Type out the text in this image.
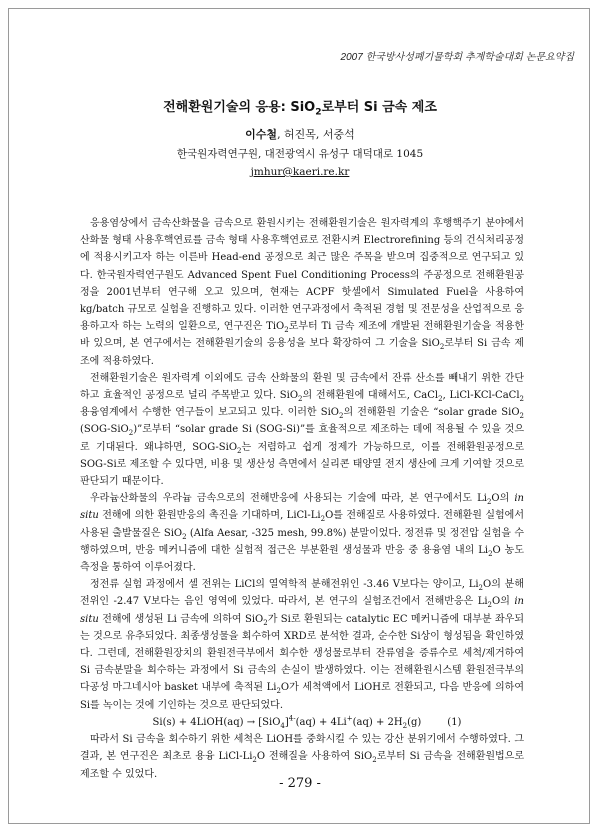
2007 한국방사성폐기물학회 추계학술대회 논문요약집
전해환원기술의 응용: SiO$_2$로부터 Si 금속 제조
이수철, 허진목, 서중석
한국원자력연구원, 대전광역시 유성구 대덕대로 1045
jmhur@kaeri.re.kr

응용염상에서 금속산화물을 금속으로 환원시키는 전해환원기술은 원자력계의 후행핵주기 분야에서 산화물 형태 사용후핵연료를 금속 형태 사용후핵연료로 전환시켜 Electrorefining 등의 건식처리공정에 적용시키고자 하는 이른바 Head-end 공정으로 최근 많은 주목을 받으며 집중적으로 연구되고 있다. 한국원자력연구원도 Advanced Spent Fuel Conditioning Process의 주공정으로 전해환원공정을 2001년부터 연구해 오고 있으며, 현재는 ACPF 핫셀에서 Simulated Fuel을 사용하여 kg/batch 규모로 실험을 진행하고 있다. 이러한 연구과정에서 축적된 경험 및 전문성을 산업적으로 응용하고자 하는 노력의 일환으로, 연구진은 TiO$_2$로부터 Ti 금속 제조에 개발된 전해환원기술을 적용한 바 있으며, 본 연구에서는 전해환원기술의 응용성을 보다 확장하여 그 기술을 SiO$_2$로부터 Si 금속 제조에 적용하였다.

전해환원기술은 원자력계 이외에도 금속 산화물의 환원 및 금속에서 잔류 산소를 빼내기 위한 간단하고 효율적인 공정으로 널리 주목받고 있다. SiO$_2$의 전해환원에 대해서도, CaCl$_2$, LiCl-KCl-CaCl$_2$ 용융염계에서 수행한 연구들이 보고되고 있다. 이러한 SiO$_2$의 전해환원 기술은 “solar grade SiO$_2$ (SOG-SiO$_2$)”로부터 “solar grade Si (SOG-Si)”를 효율적으로 제조하는 데에 적용될 수 있을 것으로 기대된다. 왜냐하면, SOG-SiO$_2$는 저렴하고 쉽게 정제가 가능하므로, 이를 전해환원공정으로 SOG-Si로 제조할 수 있다면, 비용 및 생산성 측면에서 실리콘 태양열 전지 생산에 크게 기여할 것으로 판단되기 때문이다.

우라늄산화물의 우라늄 금속으로의 전해반응에 사용되는 기술에 따라, 본 연구에서도 $Li_2O$의 in situ 전해에 의한 환원반응의 촉진을 기대하며, LiCl-$Li_2O$를 전해질로 사용하였다. 전해환원 실험에서 사용된 출발물질은 SiO$_2$ (Alfa Aesar, -325 mesh, 99.8%) 분말이었다. 정전류 및 정전압 실험을 수행하였으며, 반응 메커니즘에 대한 실험적 접근은 부분환원 생성물과 반응 중 용융염 내의 $Li_2O$ 농도 측정을 통하여 이루어졌다.

정전류 실험 과정에서 셀 전위는 LiCl의 열역학적 분해전위인 -3.46 V보다는 양이고, $Li_2O$의 분해 전위인 -2.47 V보다는 음인 영역에 있었다. 따라서, 본 연구의 실험조건에서 전해반응은 $Li_2O$의 in situ 전해에 생성된 Li 금속에 의하여 SiO$_2$가 Si로 환원되는 catalytic EC 메커니즘에 대부분 좌우되는 것으로 유추되었다. 최종생성물을 회수하여 XRD로 분석한 결과, 순수한 Si상이 형성됨을 확인하였다. 그런데, 전해환원장치의 환원전극부에서 회수한 생성물로부터 잔류염을 증류수로 세척/제거하여 Si 금속분말을 회수하는 과정에서 Si 금속의 손실이 발생하였다. 이는 전해환원시스템 환원전극부의 다공성 마그네시아 basket 내부에 축적된 $Li_2O$가 세척액에서 LiOH로 전환되고, 다음 반응에 의하여 Si를 녹이는 것에 기인하는 것으로 판단되었다.

Si(s) + 4LiOH(aq) → $[SiO_4]^{4-}(aq) + 4Li^+(aq) + 2H_2(g)$	(1)

따라서 Si 금속을 회수하기 위한 세척은 LiOH를 중화시킬 수 있는 강산 분위기에서 수행하였다. 그 결과, 본 연구진은 최초로 용융 LiCl-$Li_2O$ 전해질을 사용하여 SiO$_2$로부터 Si 금속을 전해환원법으로 제조할 수 있었다.

- 279 -
